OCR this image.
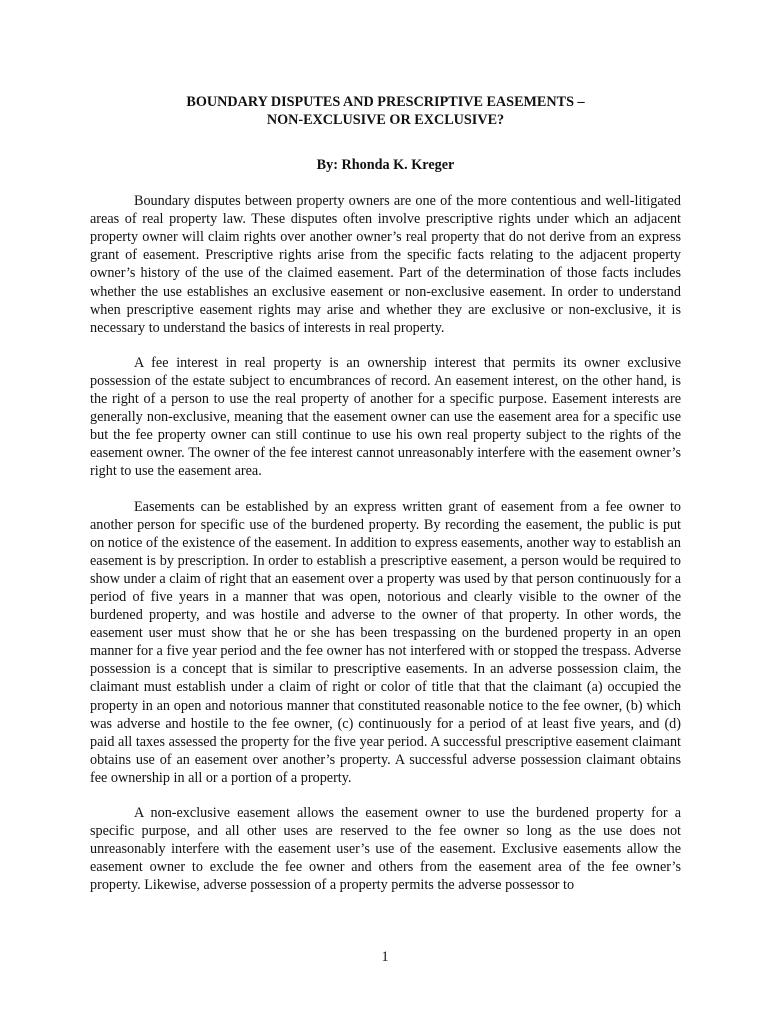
BOUNDARY DISPUTES AND PRESCRIPTIVE EASEMENTS –

NON-EXCLUSIVE OR EXCLUSIVE?

By: Rhonda K. Kreger

Boundary disputes between property owners are one of the more contentious and well-litigated areas of real property law. These disputes often involve prescriptive rights under which an adjacent property owner will claim rights over another owner’s real property that do not derive from an express grant of easement. Prescriptive rights arise from the specific facts relating to the adjacent property owner’s history of the use of the claimed easement. Part of the determination of those facts includes whether the use establishes an exclusive easement or non-exclusive easement. In order to understand when prescriptive easement rights may arise and whether they are exclusive or non-exclusive, it is necessary to understand the basics of interests in real property.

A fee interest in real property is an ownership interest that permits its owner exclusive possession of the estate subject to encumbrances of record. An easement interest, on the other hand, is the right of a person to use the real property of another for a specific purpose. Easement interests are generally non-exclusive, meaning that the easement owner can use the easement area for a specific use but the fee property owner can still continue to use his own real property subject to the rights of the easement owner. The owner of the fee interest cannot unreasonably interfere with the easement owner’s right to use the easement area.

Easements can be established by an express written grant of easement from a fee owner to another person for specific use of the burdened property. By recording the easement, the public is put on notice of the existence of the easement. In addition to express easements, another way to establish an easement is by prescription. In order to establish a prescriptive easement, a person would be required to show under a claim of right that an easement over a property was used by that person continuously for a period of five years in a manner that was open, notorious and clearly visible to the owner of the burdened property, and was hostile and adverse to the owner of that property. In other words, the easement user must show that he or she has been trespassing on the burdened property in an open manner for a five year period and the fee owner has not interfered with or stopped the trespass. Adverse possession is a concept that is similar to prescriptive easements. In an adverse possession claim, the claimant must establish under a claim of right or color of title that that the claimant (a) occupied the property in an open and notorious manner that constituted reasonable notice to the fee owner, (b) which was adverse and hostile to the fee owner, (c) continuously for a period of at least five years, and (d) paid all taxes assessed the property for the five year period. A successful prescriptive easement claimant obtains use of an easement over another’s property. A successful adverse possession claimant obtains fee ownership in all or a portion of a property.

A non-exclusive easement allows the easement owner to use the burdened property for a specific purpose, and all other uses are reserved to the fee owner so long as the use does not unreasonably interfere with the easement user’s use of the easement. Exclusive easements allow the easement owner to exclude the fee owner and others from the easement area of the fee owner’s property. Likewise, adverse possession of a property permits the adverse possessor to

1
